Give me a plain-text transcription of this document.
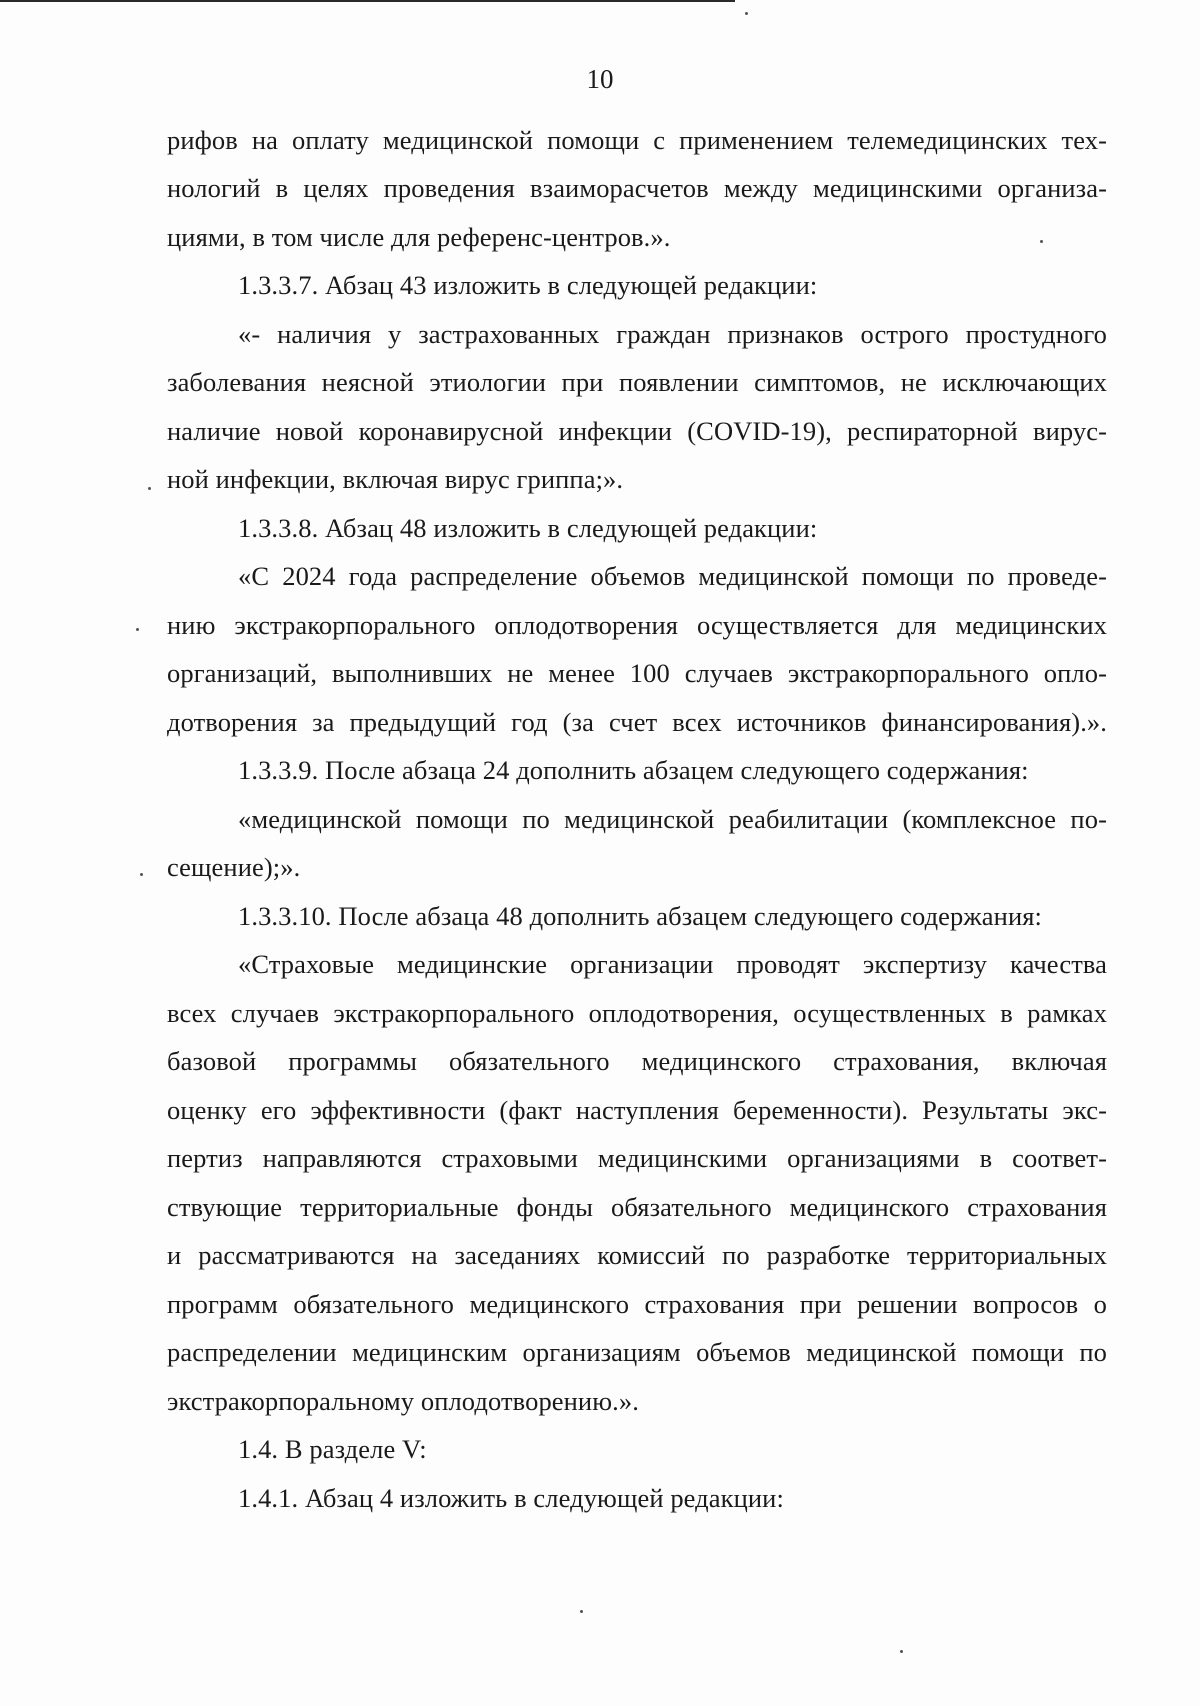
10
рифов на оплату медицинской помощи с применением телемедицинских тех-
нологий в целях проведения взаиморасчетов между медицинскими организа-
циями, в том числе для референс-центров.».
1.3.3.7. Абзац 43 изложить в следующей редакции:
«- наличия у застрахованных граждан признаков острого простудного
заболевания неясной этиологии при появлении симптомов, не исключающих
наличие новой коронавирусной инфекции (COVID-19), респираторной вирус-
ной инфекции, включая вирус гриппа;».
1.3.3.8. Абзац 48 изложить в следующей редакции:
«С 2024 года распределение объемов медицинской помощи по проведе-
нию экстракорпорального оплодотворения осуществляется для медицинских
организаций, выполнивших не менее 100 случаев экстракорпорального опло-
дотворения за предыдущий год (за счет всех источников финансирования).».
1.3.3.9. После абзаца 24 дополнить абзацем следующего содержания:
«медицинской помощи по медицинской реабилитации (комплексное по-
сещение);».
1.3.3.10. После абзаца 48 дополнить абзацем следующего содержания:
«Страховые медицинские организации проводят экспертизу качества
всех случаев экстракорпорального оплодотворения, осуществленных в рамках
базовой программы обязательного медицинского страхования, включая
оценку его эффективности (факт наступления беременности). Результаты экс-
пертиз направляются страховыми медицинскими организациями в соответ-
ствующие территориальные фонды обязательного медицинского страхования
и рассматриваются на заседаниях комиссий по разработке территориальных
программ обязательного медицинского страхования при решении вопросов о
распределении медицинским организациям объемов медицинской помощи по
экстракорпоральному оплодотворению.».
1.4. В разделе V:
1.4.1. Абзац 4 изложить в следующей редакции:
